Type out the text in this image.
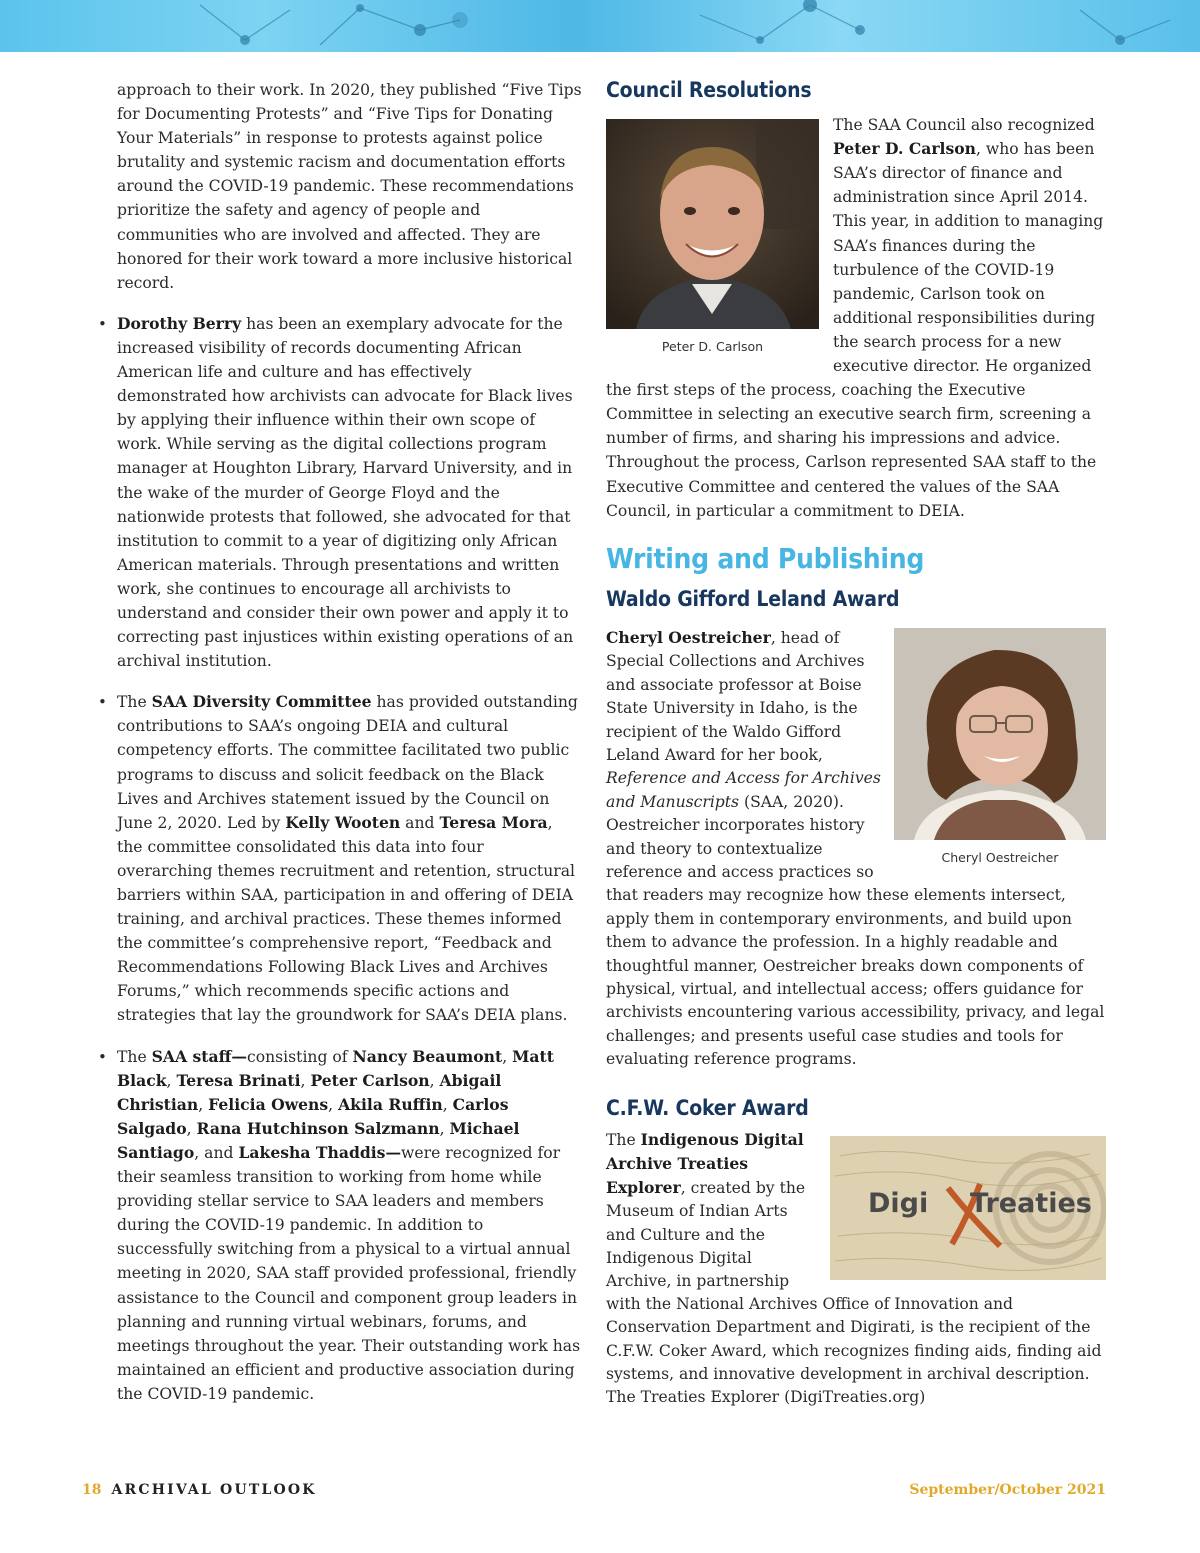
approach to their work. In 2020, they published “Five Tips for Documenting Protests” and “Five Tips for Donating Your Materials” in response to protests against police brutality and systemic racism and documentation efforts around the COVID-19 pandemic. These recommendations prioritize the safety and agency of people and communities who are involved and affected. They are honored for their work toward a more inclusive historical record.

• Dorothy Berry has been an exemplary advocate for the increased visibility of records documenting African American life and culture and has effectively demonstrated how archivists can advocate for Black lives by applying their influence within their own scope of work. While serving as the digital collections program manager at Houghton Library, Harvard University, and in the wake of the murder of George Floyd and the nationwide protests that followed, she advocated for that institution to commit to a year of digitizing only African American materials. Through presentations and written work, she continues to encourage all archivists to understand and consider their own power and apply it to correcting past injustices within existing operations of an archival institution.
• The SAA Diversity Committee has provided outstanding contributions to SAA’s ongoing DEIA and cultural competency efforts. The committee facilitated two public programs to discuss and solicit feedback on the Black Lives and Archives statement issued by the Council on June 2, 2020. Led by Kelly Wooten and Teresa Mora, the committee consolidated this data into four overarching themes recruitment and retention, structural barriers within SAA, participation in and offering of DEIA training, and archival practices. These themes informed the committee’s comprehensive report, “Feedback and Recommendations Following Black Lives and Archives Forums,” which recommends specific actions and strategies that lay the groundwork for SAA’s DEIA plans.
• The SAA staff—consisting of Nancy Beaumont, Matt Black, Teresa Brinati, Peter Carlson, Abigail Christian, Felicia Owens, Akila Ruffin, Carlos Salgado, Rana Hutchinson Salzmann, Michael Santiago, and Lakesha Thaddis—were recognized for their seamless transition to working from home while providing stellar service to SAA leaders and members during the COVID-19 pandemic. In addition to successfully switching from a physical to a virtual annual meeting in 2020, SAA staff provided professional, friendly assistance to the Council and component group leaders in planning and running virtual webinars, forums, and meetings throughout the year. Their outstanding work has maintained an efficient and productive association during the COVID-19 pandemic.
Council Resolutions
Peter D. Carlson
The SAA Council also recognized Peter D. Carlson, who has been SAA’s director of finance and administration since April 2014. This year, in addition to managing SAA’s finances during the turbulence of the COVID-19 pandemic, Carlson took on additional responsibilities during the search process for a new executive director. He organized the first steps of the process, coaching the Executive Committee in selecting an executive search firm, screening a number of firms, and sharing his impressions and advice. Throughout the process, Carlson represented SAA staff to the Executive Committee and centered the values of the SAA Council, in particular a commitment to DEIA.
Writing and Publishing
Waldo Gifford Leland Award
Cheryl Oestreicher
Cheryl Oestreicher, head of Special Collections and Archives and associate professor at Boise State University in Idaho, is the recipient of the Waldo Gifford Leland Award for her book, Reference and Access for Archives and Manuscripts (SAA, 2020). Oestreicher incorporates history and theory to contextualize reference and access practices so that readers may recognize how these elements intersect, apply them in contemporary environments, and build upon them to advance the profession. In a highly readable and thoughtful manner, Oestreicher breaks down components of physical, virtual, and intellectual access; offers guidance for archivists encountering various accessibility, privacy, and legal challenges; and presents useful case studies and tools for evaluating reference programs.
C.F.W. Coker Award
Digi Treaties
The Indigenous Digital Archive Treaties Explorer, created by the Museum of Indian Arts and Culture and the Indigenous Digital Archive, in partnership with the National Archives Office of Innovation and Conservation Department and Digirati, is the recipient of the C.F.W. Coker Award, which recognizes finding aids, finding aid systems, and innovative development in archival description. The Treaties Explorer (DigiTreaties.org)
18 ARCHIVAL OUTLOOK	September/October 2021
